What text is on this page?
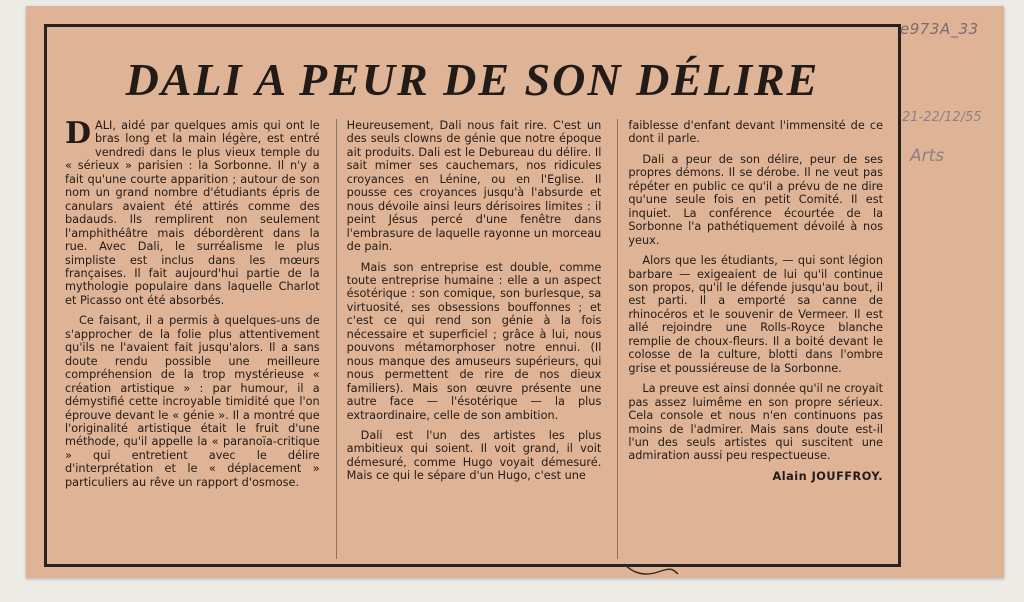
DALI A PEUR DE SON DÉLIRE

DALI, aidé par quelques amis qui ont le bras long et la main légère, est entré vendredi dans le plus vieux temple du « sérieux » parisien : la Sorbonne. Il n'y a fait qu'une courte apparition ; autour de son nom un grand nombre d'étudiants épris de canulars avaient été attirés comme des badauds. Ils remplirent non seulement l'amphithéâtre mais débordèrent dans la rue. Avec Dali, le surréalisme le plus simpliste est inclus dans les mœurs françaises. Il fait aujourd'hui partie de la mythologie populaire dans laquelle Charlot et Picasso ont été absorbés.

Ce faisant, il a permis à quelques-uns de s'approcher de la folie plus attentivement qu'ils ne l'avaient fait jusqu'alors. Il a sans doute rendu possible une meilleure compréhension de la trop mystérieuse « création artistique » : par humour, il a démystifié cette incroyable timidité que l'on éprouve devant le « génie ». Il a montré que l'originalité artistique était le fruit d'une méthode, qu'il appelle la « paranoïa-critique » qui entretient avec le délire d'interprétation et le « déplacement » particuliers au rêve un rapport d'osmose.

Heureusement, Dali nous fait rire. C'est un des seuls clowns de génie que notre époque ait produits. Dali est le Debureau du délire. Il sait mimer ses cauchemars, nos ridicules croyances en Lénine, ou en l'Eglise. Il pousse ces croyances jusqu'à l'absurde et nous dévoile ainsi leurs dérisoires limites : il peint Jésus percé d'une fenêtre dans l'embrasure de laquelle rayonne un morceau de pain.

Mais son entreprise est double, comme toute entreprise humaine : elle a un aspect ésotérique : son comique, son burlesque, sa virtuosité, ses obsessions bouffonnes ; et c'est ce qui rend son génie à la fois nécessaire et superficiel ; grâce à lui, nous pouvons métamorphoser notre ennui. (Il nous manque des amuseurs supérieurs, qui nous permettent de rire de nos dieux familiers). Mais son œuvre présente une autre face — l'ésotérique — la plus extraordinaire, celle de son ambition.

Dali est l'un des artistes les plus ambitieux qui soient. Il voit grand, il voit démesuré, comme Hugo voyait démesuré. Mais ce qui le sépare d'un Hugo, c'est une

faiblesse d'enfant devant l'immensité de ce dont il parle.

Dali a peur de son délire, peur de ses propres démons. Il se dérobe. Il ne veut pas répéter en public ce qu'il a prévu de ne dire qu'une seule fois en petit Comité. Il est inquiet. La conférence écourtée de la Sorbonne l'a pathétiquement dévoilé à nos yeux.

Alors que les étudiants, — qui sont légion barbare — exigeaient de lui qu'il continue son propos, qu'il le défende jusqu'au bout, il est parti. Il a emporté sa canne de rhinocéros et le souvenir de Vermeer. Il est allé rejoindre une Rolls-Royce blanche remplie de choux-fleurs. Il a boité devant le colosse de la culture, blotti dans l'ombre grise et poussiéreuse de la Sorbonne.

La preuve est ainsi donnée qu'il ne croyait pas assez luimême en son propre sérieux. Cela console et nous n'en continuons pas moins de l'admirer. Mais sans doute est-il l'un des seuls artistes qui suscitent une admiration aussi peu respectueuse.

Alain JOUFFROY.
e973A_33
21-22/12/55
Arts
